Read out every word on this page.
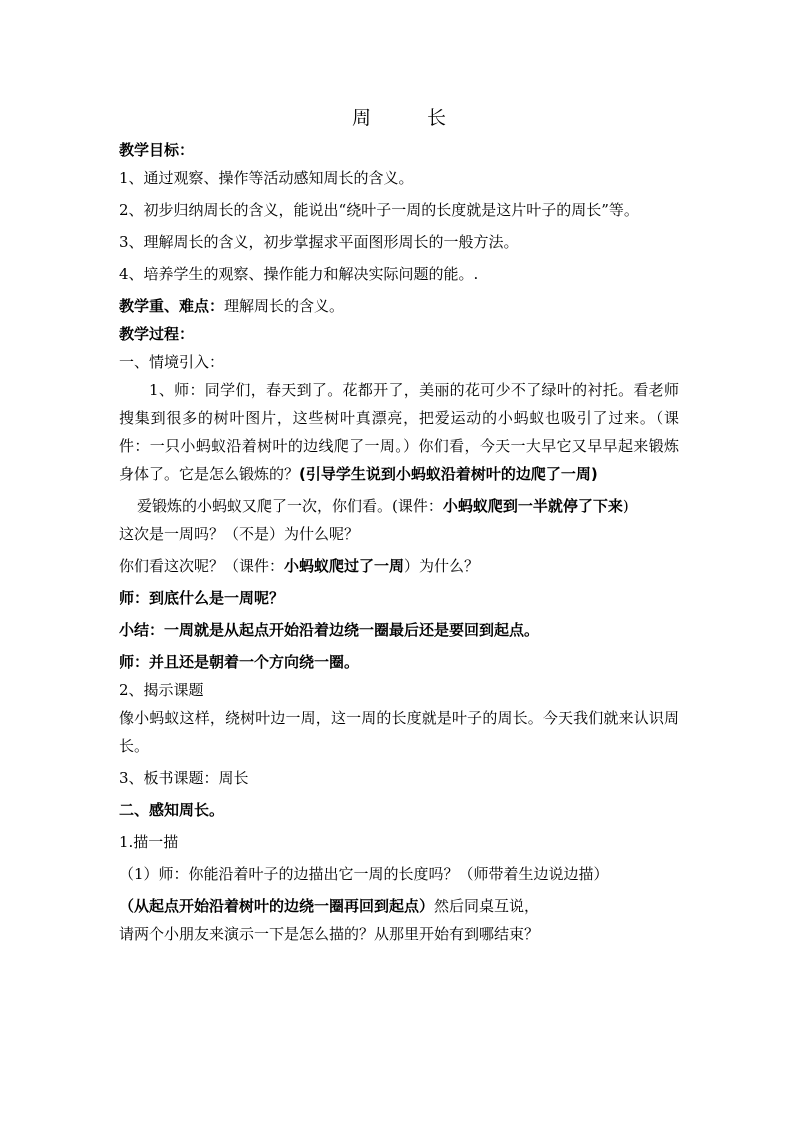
周	长

教学目标：

1、通过观察、操作等活动感知周长的含义。

2、初步归纳周长的含义，能说出“绕叶子一周的长度就是这片叶子的周长”等。

3、理解周长的含义，初步掌握求平面图形周长的一般方法。

4、培养学生的观察、操作能力和解决实际问题的能。.

教学重、难点：理解周长的含义。

教学过程：

一、情境引入：

1、师：同学们，春天到了。花都开了，美丽的花可少不了绿叶的衬托。看老师搜集到很多的树叶图片，这些树叶真漂亮，把爱运动的小蚂蚁也吸引了过来。（课件：一只小蚂蚁沿着树叶的边线爬了一周。）你们看，今天一大早它又早早起来锻炼身体了。它是怎么锻炼的？(引导学生说到小蚂蚁沿着树叶的边爬了一周)

爱锻炼的小蚂蚁又爬了一次，你们看。(课件：小蚂蚁爬到一半就停了下来)

这次是一周吗？（不是）为什么呢？

你们看这次呢？（课件：小蚂蚁爬过了一周）为什么？

师：到底什么是一周呢？

小结：一周就是从起点开始沿着边绕一圈最后还是要回到起点。

师：并且还是朝着一个方向绕一圈。

2、揭示课题

像小蚂蚁这样，绕树叶边一周，这一周的长度就是叶子的周长。今天我们就来认识周长。

3、板书课题：周长

二、感知周长。

1.描一描

（1）师：你能沿着叶子的边描出它一周的长度吗？（师带着生边说边描）

（从起点开始沿着树叶的边绕一圈再回到起点）然后同桌互说，

请两个小朋友来演示一下是怎么描的？从那里开始有到哪结束？
